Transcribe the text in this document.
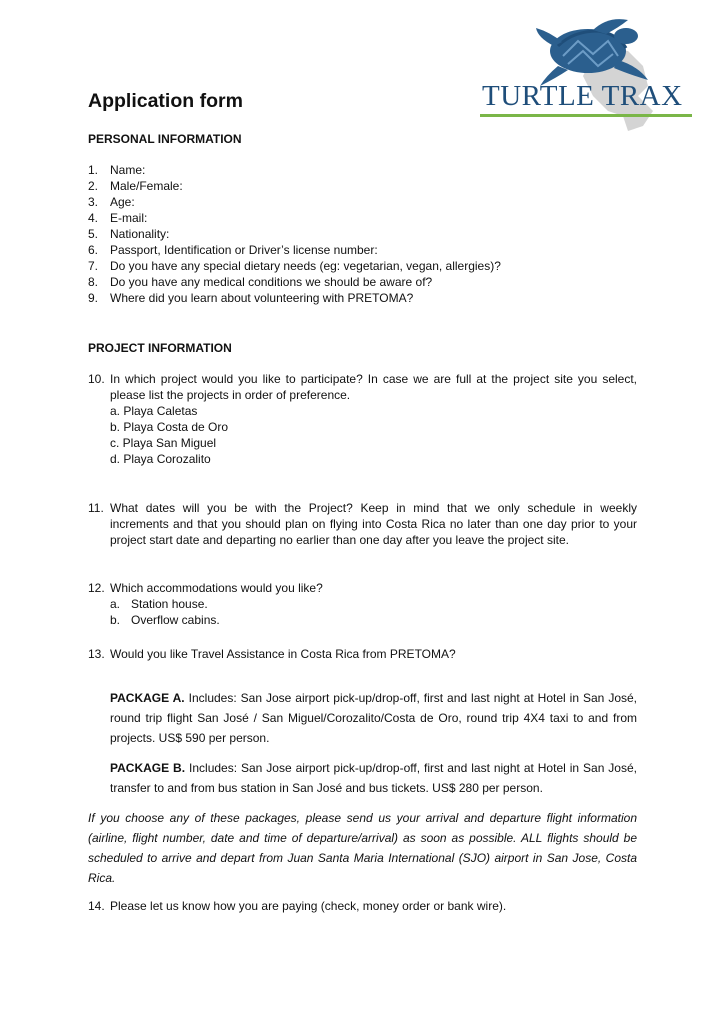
TURTLE TRAX
Application form
PERSONAL INFORMATION
1. Name:
2. Male/Female:
3. Age:
4. E-mail:
5. Nationality:
6. Passport, Identification or Driver’s license number:
7. Do you have any special dietary needs (eg: vegetarian, vegan, allergies)?
8. Do you have any medical conditions we should be aware of?
9. Where did you learn about volunteering with PRETOMA?
PROJECT INFORMATION
10. In which project would you like to participate? In case we are full at the project site you select,
please list the projects in order of preference.
a. Playa Caletas
b. Playa Costa de Oro
c. Playa San Miguel
d. Playa Corozalito
11. What dates will you be with the Project? Keep in mind that we only schedule in weekly
increments and that you should plan on flying into Costa Rica no later than one day prior to your
project start date and departing no earlier than one day after you leave the project site.
12. Which accommodations would you like?
a. Station house.
b. Overflow cabins.
13. Would you like Travel Assistance in Costa Rica from PRETOMA?
PACKAGE A. Includes: San Jose airport pick-up/drop-off, first and last night at Hotel in San José,
round trip flight San José / San Miguel/Corozalito/Costa de Oro, round trip 4X4 taxi to and from
projects. US$ 590 per person.
PACKAGE B. Includes: San Jose airport pick-up/drop-off, first and last night at Hotel in San José,
transfer to and from bus station in San José and bus tickets. US$ 280 per person.
If you choose any of these packages, please send us your arrival and departure flight information
(airline, flight number, date and time of departure/arrival) as soon as possible. ALL flights should be
scheduled to arrive and depart from Juan Santa Maria International (SJO) airport in San Jose, Costa
Rica.
14. Please let us know how you are paying (check, money order or bank wire).
